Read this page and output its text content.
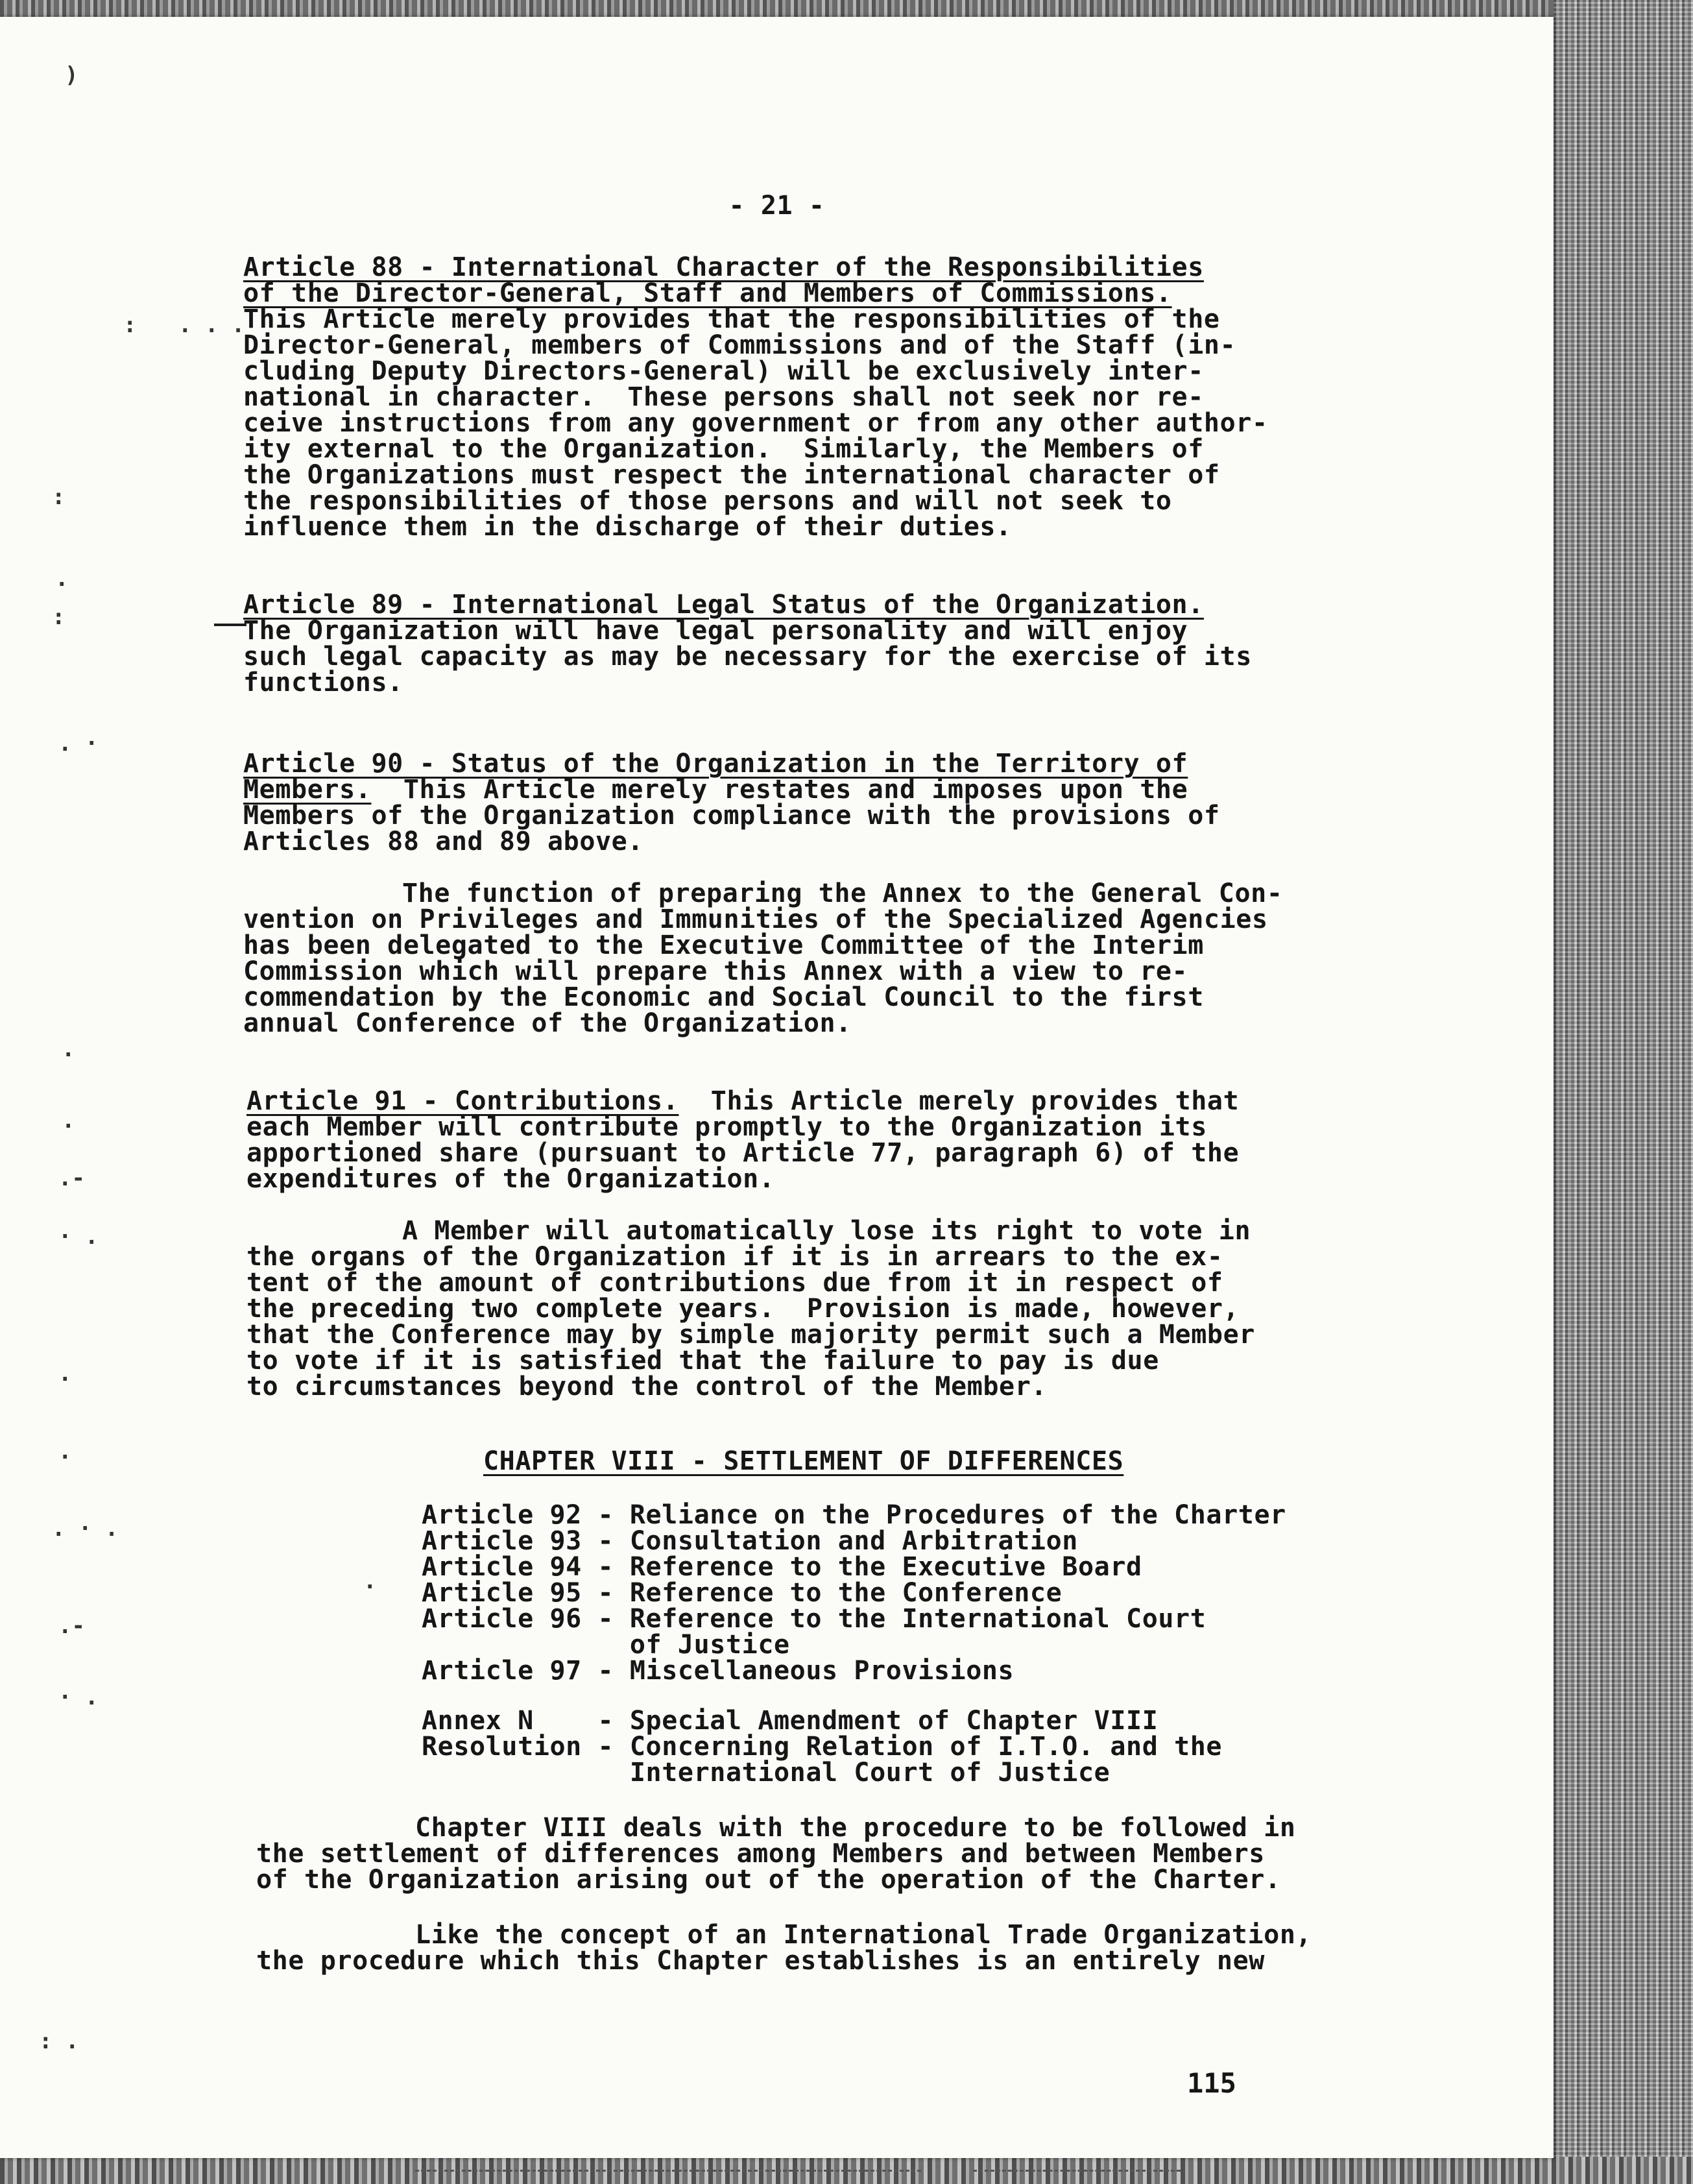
)
: . . .
:
·
:
. ·
·
·
.-
· .
·
·
. · .
·
.-
· .
: .
- 21 -
Article 88 - International Character of the Responsibilities
of the Director-General, Staff and Members of Commissions.
This Article merely provides that the responsibilities of the
Director-General, members of Commissions and of the Staff (in-
cluding Deputy Directors-General) will be exclusively inter-
national in character.  These persons shall not seek nor re-
ceive instructions from any government or from any other author-
ity external to the Organization.  Similarly, the Members of
the Organizations must respect the international character of
the responsibilities of those persons and will not seek to
influence them in the discharge of their duties.
Article 89 - International Legal Status of the Organization.
The Organization will have legal personality and will enjoy
such legal capacity as may be necessary for the exercise of its
functions.
Article 90 - Status of the Organization in the Territory of
Members.  This Article merely restates and imposes upon the
Members of the Organization compliance with the provisions of
Articles 88 and 89 above.
The function of preparing the Annex to the General Con-
vention on Privileges and Immunities of the Specialized Agencies
has been delegated to the Executive Committee of the Interim
Commission which will prepare this Annex with a view to re-
commendation by the Economic and Social Council to the first
annual Conference of the Organization.
Article 91 - Contributions.  This Article merely provides that
each Member will contribute promptly to the Organization its
apportioned share (pursuant to Article 77, paragraph 6) of the
expenditures of the Organization.
A Member will automatically lose its right to vote in
the organs of the Organization if it is in arrears to the ex-
tent of the amount of contributions due from it in respect of
the preceding two complete years.  Provision is made, however,
that the Conference may by simple majority permit such a Member
to vote if it is satisfied that the failure to pay is due
to circumstances beyond the control of the Member.
CHAPTER VIII - SETTLEMENT OF DIFFERENCES
Article 92 - Reliance on the Procedures of the Charter
Article 93 - Consultation and Arbitration
Article 94 - Reference to the Executive Board
Article 95 - Reference to the Conference
Article 96 - Reference to the International Court
of Justice
Article 97 - Miscellaneous Provisions
Annex N    - Special Amendment of Chapter VIII
Resolution - Concerning Relation of I.T.O. and the
International Court of Justice
Chapter VIII deals with the procedure to be followed in
the settlement of differences among Members and between Members
of the Organization arising out of the operation of the Charter.
Like the concept of an International Trade Organization,
the procedure which this Chapter establishes is an entirely new
115
